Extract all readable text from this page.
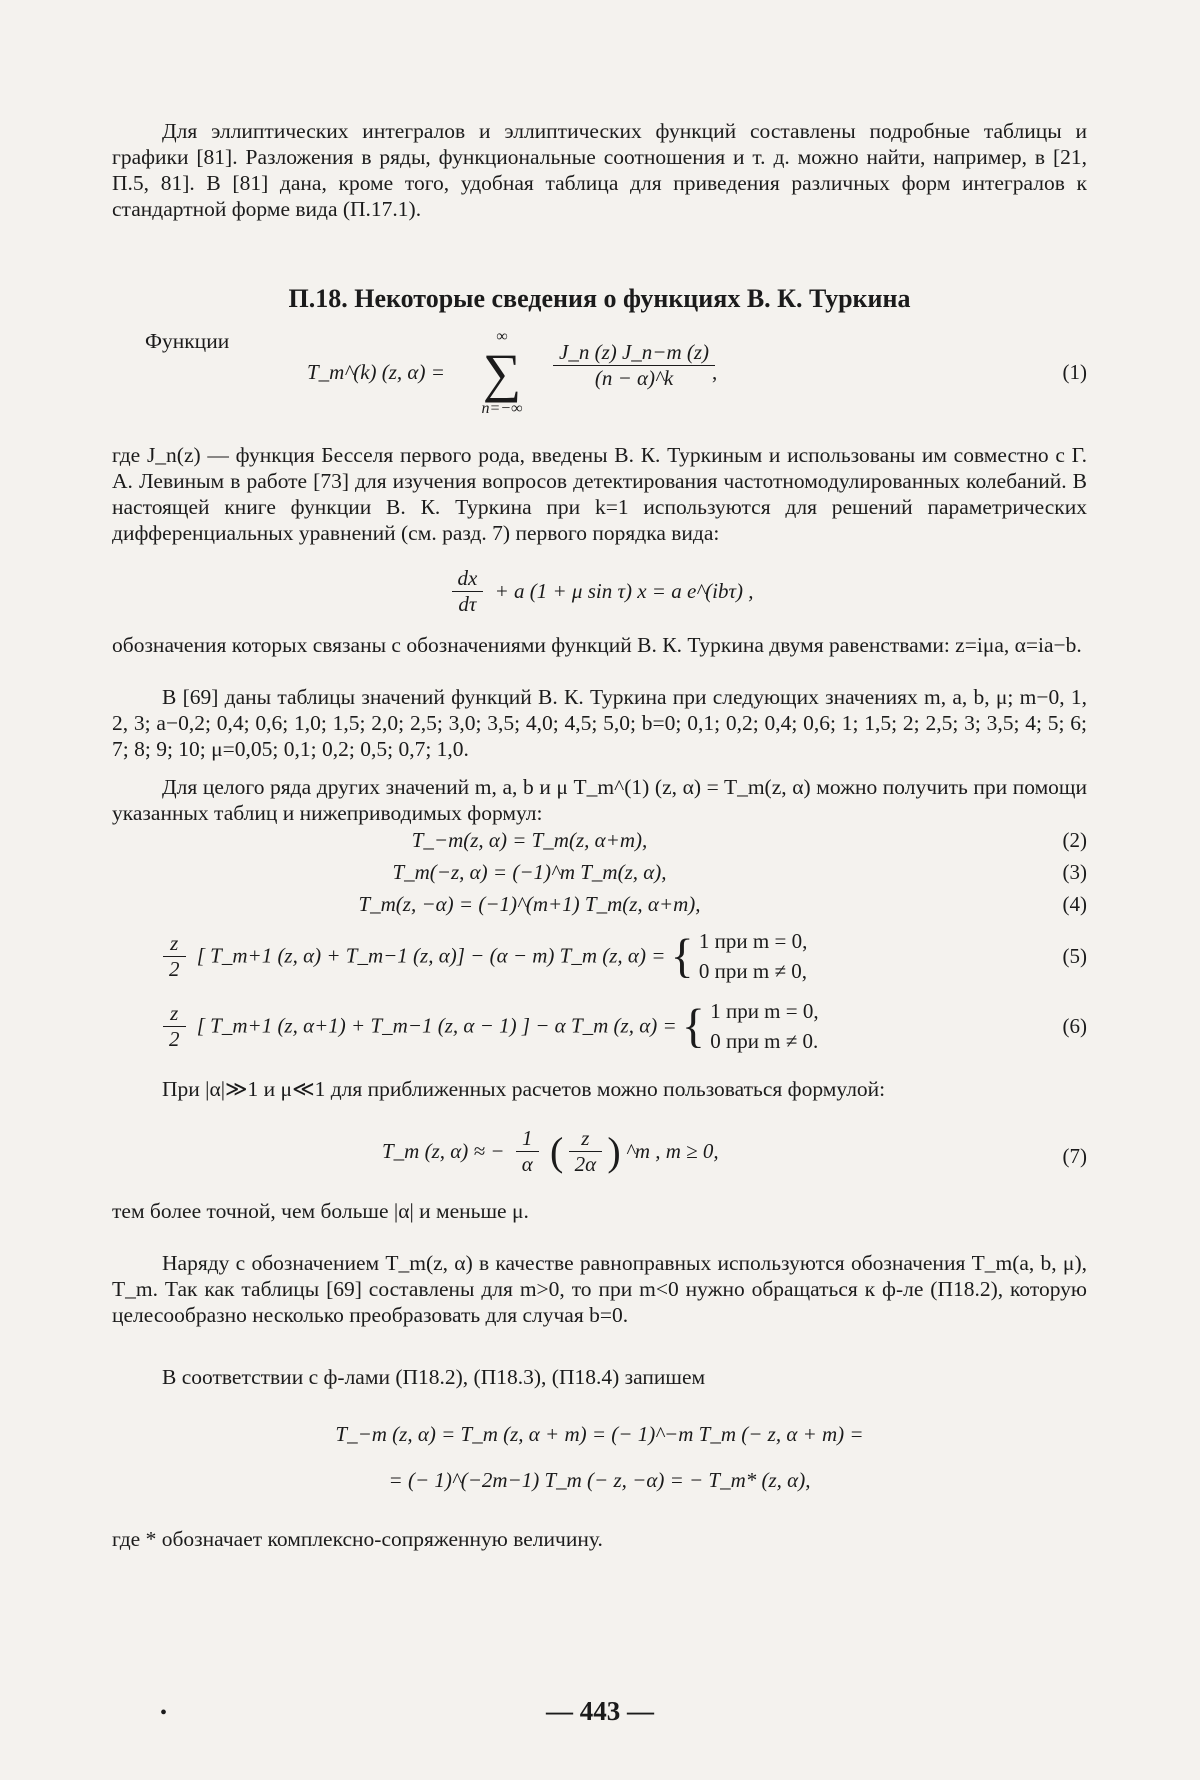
Для эллиптических интегралов и эллиптических функций составлены подробные таблицы и графики [81]. Разложения в ряды, функциональные соотношения и т. д. можно найти, например, в [21, П.5, 81]. В [81] дана, кроме того, удобная таблица для приведения различных форм интегралов к стандартной форме вида (П.17.1).
П.18. Некоторые сведения о функциях В. К. Туркина
Функции
T_m^(k) (z, α) =
∞
∑
n=−∞
$\frac{J\_n (z) J\_n-m (z)}{(n - \alpha)\^{}k}$
,	(1)
где J_n(z) — функция Бесселя первого рода, введены В. К. Туркиным и использованы им совместно с Г. А. Левиным в работе [73] для изучения вопросов детектирования частотномодулированных колебаний. В настоящей книге функции В. К. Туркина при k=1 используются для решений параметрических дифференциальных уравнений (см. разд. 7) первого порядка вида:
$\frac{dx}{d\tau} + a$ (1 + μ sin τ) x = a e^(ibτ) ,
обозначения которых связаны с обозначениями функций В. К. Туркина двумя равенствами: z=iμa, α=ia−b.
В [69] даны таблицы значений функций В. К. Туркина при следующих значениях m, a, b, μ; m−0, 1, 2, 3; a−0,2; 0,4; 0,6; 1,0; 1,5; 2,0; 2,5; 3,0; 3,5; 4,0; 4,5; 5,0; b=0; 0,1; 0,2; 0,4; 0,6; 1; 1,5; 2; 2,5; 3; 3,5; 4; 5; 6; 7; 8; 9; 10; μ=0,05; 0,1; 0,2; 0,5; 0,7; 1,0.
Для целого ряда других значений m, a, b и μ T_m^(1) (z, α) = T_m(z, α) можно получить при помощи указанных таблиц и нижеприводимых формул:
T_−m(z, α) = T_m(z, α+m),	(2)
T_m(−z, α) = (−1)^m T_m(z, α),	(3)
T_m(z, −α) = (−1)^(m+1) T_m(z, α+m),	(4)
$\frac{z}{2}$ [ T_m+1 (z, α) + T_m−1 (z, α)] − (α − m) T_m (z, α) = { 1 при m = 0,
0 при m ≠ 0,
(5)
$\frac{z}{2}$ [ T_m+1 (z, α+1) + T_m−1 (z, α − 1) ] − α T_m (z, α) = { 1 при m = 0,
0 при m ≠ 0.
(6)
При |α|≫1 и μ≪1 для приближенных расчетов можно пользоваться формулой:
T_m (z, α) ≈ − $\frac{1}{\alpha}$ ( $\frac{z}{2\alpha}$ ) ^m , m ≥ 0,	(7)
тем более точной, чем больше |α| и меньше μ.
Наряду с обозначением T_m(z, α) в качестве равноправных используются обозначения T_m(a, b, μ), T_m. Так как таблицы [69] составлены для m>0, то при m<0 нужно обращаться к ф-ле (П18.2), которую целесообразно несколько преобразовать для случая b=0.
В соответствии с ф-лами (П18.2), (П18.3), (П18.4) запишем
T_−m (z, α) = T_m (z, α + m) = (− 1)^−m T_m (− z, α + m) =
= (− 1)^(−2m−1) T_m (− z, −α) = − T_m* (z, α),
где * обозначает комплексно-сопряженную величину.
•	— 443 —
